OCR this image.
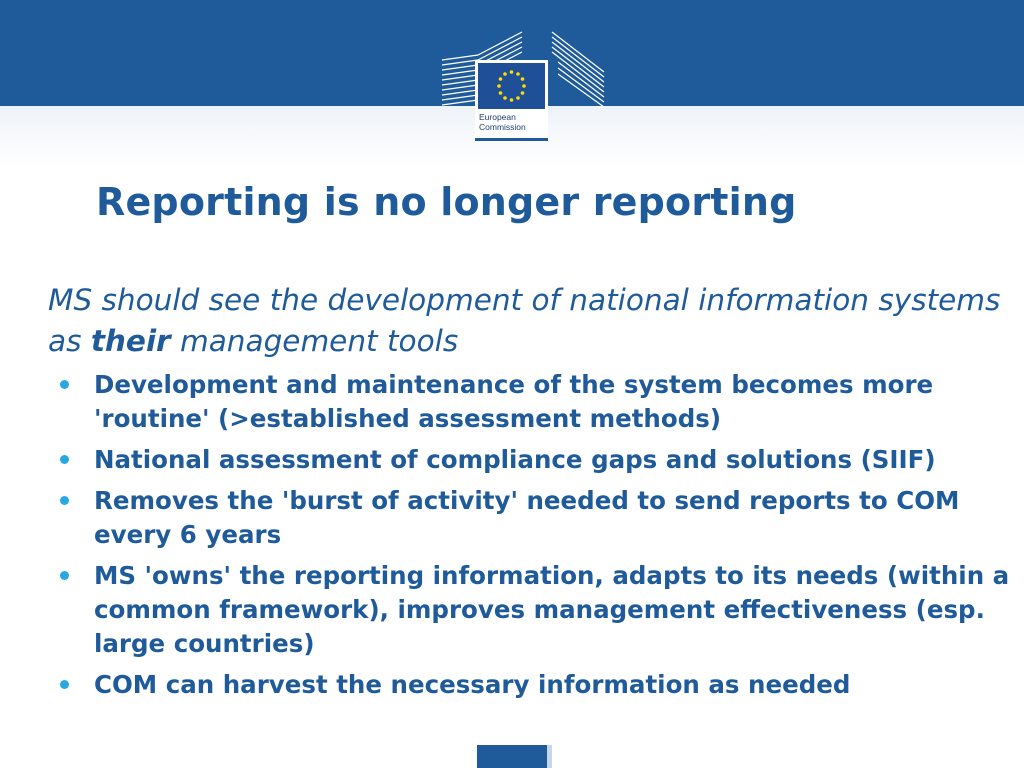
European
Commission
Reporting is no longer reporting

MS should see the development of national information systems as their management tools

Development and maintenance of the system becomes more 'routine' (>established assessment methods)
National assessment of compliance gaps and solutions (SIIF)
Removes the 'burst of activity' needed to send reports to COM every 6 years
MS 'owns' the reporting information, adapts to its needs (within a common framework), improves management effectiveness (esp. large countries)
COM can harvest the necessary information as needed
